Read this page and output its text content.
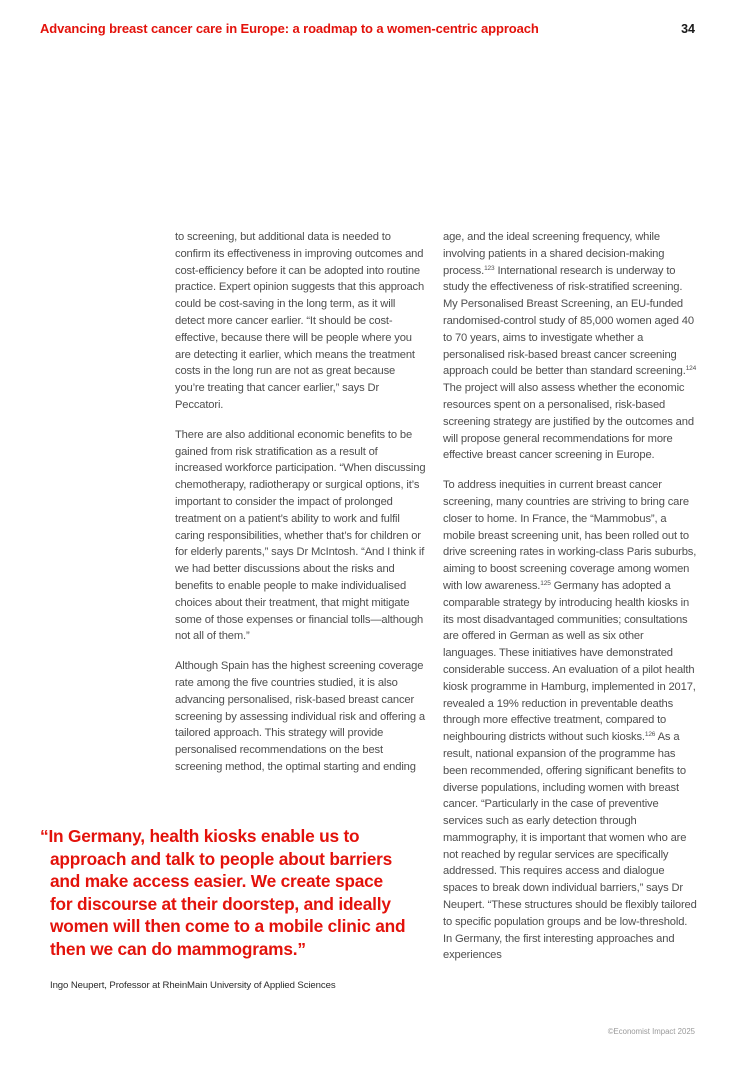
Advancing breast cancer care in Europe: a roadmap to a women-centric approach	34

to screening, but additional data is needed to confirm its effectiveness in improving outcomes and cost-efficiency before it can be adopted into routine practice. Expert opinion suggests that this approach could be cost-saving in the long term, as it will detect more cancer earlier. “It should be cost-effective, because there will be people where you are detecting it earlier, which means the treatment costs in the long run are not as great because you’re treating that cancer earlier,” says Dr Peccatori.

There are also additional economic benefits to be gained from risk stratification as a result of increased workforce participation. “When discussing chemotherapy, radiotherapy or surgical options, it’s important to consider the impact of prolonged treatment on a patient’s ability to work and fulfil caring responsibilities, whether that’s for children or for elderly parents,” says Dr McIntosh. “And I think if we had better discussions about the risks and benefits to enable people to make individualised choices about their treatment, that might mitigate some of those expenses or financial tolls—although not all of them.”

Although Spain has the highest screening coverage rate among the five countries studied, it is also advancing personalised, risk-based breast cancer screening by assessing individual risk and offering a tailored approach. This strategy will provide personalised recommendations on the best screening method, the optimal starting and ending

age, and the ideal screening frequency, while involving patients in a shared decision-making process.$^{123}$ International research is underway to study the effectiveness of risk-stratified screening. My Personalised Breast Screening, an EU-funded randomised-control study of 85,000 women aged 40 to 70 years, aims to investigate whether a personalised risk-based breast cancer screening approach could be better than standard screening.$^{124}$ The project will also assess whether the economic resources spent on a personalised, risk-based screening strategy are justified by the outcomes and will propose general recommendations for more effective breast cancer screening in Europe.

To address inequities in current breast cancer screening, many countries are striving to bring care closer to home. In France, the “Mammobus”, a mobile breast screening unit, has been rolled out to drive screening rates in working-class Paris suburbs, aiming to boost screening coverage among women with low awareness.$^{125}$ Germany has adopted a comparable strategy by introducing health kiosks in its most disadvantaged communities; consultations are offered in German as well as six other languages. These initiatives have demonstrated considerable success. An evaluation of a pilot health kiosk programme in Hamburg, implemented in 2017, revealed a 19% reduction in preventable deaths through more effective treatment, compared to neighbouring districts without such kiosks.$^{126}$ As a result, national expansion of the programme has been recommended, offering significant benefits to diverse populations, including women with breast cancer. “Particularly in the case of preventive services such as early detection through mammography, it is important that women who are not reached by regular services are specifically addressed. This requires access and dialogue spaces to break down individual barriers,” says Dr Neupert. “These structures should be flexibly tailored to specific population groups and be low-threshold. In Germany, the first interesting approaches and experiences

“In Germany, health kiosks enable us to
approach and talk to people about barriers
and make access easier. We create space
for discourse at their doorstep, and ideally
women will then come to a mobile clinic and
then we can do mammograms.”
Ingo Neupert, Professor at RheinMain University of Applied Sciences
©Economist Impact 2025
